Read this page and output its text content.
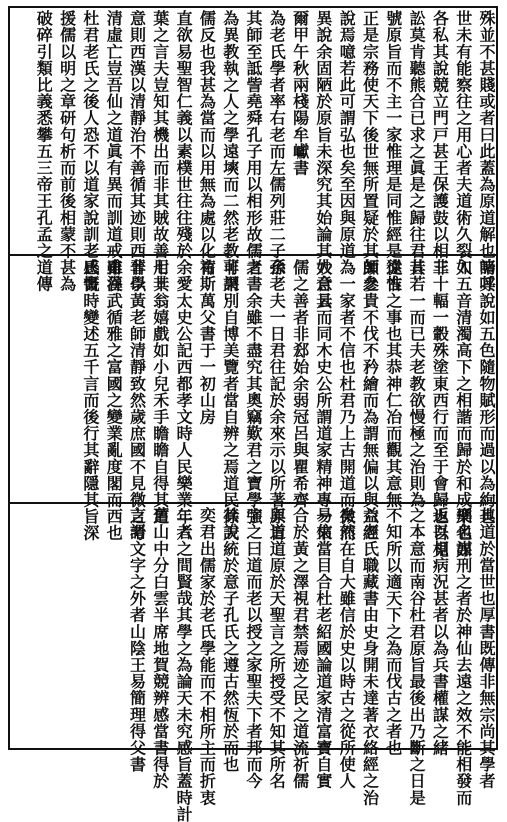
殊並不甚賤或者曰此蓋為原道解也嗚呼
世未有能察往之用心者夫道術久裂入
各私其說競立門戸甚王保護鼓以相非
訟莫肯聽熊合已求之眞是之歸往君昔
號原旨而不主一家惟理是同惟經是從惟
正是宗務使天下後世無所置疑於其師之
說焉噫若此可謂弘也矣至因與原道
異說余固陋於原旨未深究其始論其大意云
爾甲午秋兩棧陽牟巘書
為老氏學者率右老而左儒列莊二子孫
其師至詆訾堯舜孔子用以相形故儒者
為異教執之人之學遠塽而二然老教非果
儒反也我甚為當而以用無為處以化育
直欲易聖智仁義以素樸世往往殘於
葉之言夫豈知其機出而非其賊故善用其
意則西漢以清靜治不善循其迹則西晉以
清虛亡豈吾仙之道眞有異而訓道戒甫谷
杜君老氏之後人恐不以道家說訓老氏書
援儒以明之章研句析而前後相蒙不甚為
破碎引類比義悉攀五三帝王孔孟之道傳
諸其說如五色隨物賦形而過以為絢也
如五音清濁高下之相諧而歸於和成樂也如
三十輻一轂殊塗東西行而至于會歸也吾見
其若一而已夫老教欲慢極之治則為
遠古之事也其恭神仁冶而觀其意無
頗參貴不伐不矜繪而為謂無偏以與六經
為一家者不信也杜君乃上古開道而微而
妙合具而同木史公所謂道家精神專一來
儒之善者非郄始余弱冠呂與瞿希齊
余老夫一日君往記於余來示以所著原旨
之書余雖不盡究其奧竊歎君之寶學強
可謂別自博美覽者當自辨之焉道民徐天
祐斯萬父書于一初山房
余愛太史公記西都孝文時人民樂業年六
七十翁嬉戲如小兒禾手瞻瞻自得其道
非學黃老師清靜致然歲庶國不見微之考
雖漢武循雅之富國之變業亂度閣而西也
感慨時變述五千言而後行其辭隱其旨深
其道於當世也厚書既傳非無宗尚其學者
刑名謀刑之者於神仙去遠之效不能相發而
返以相病況甚者以為兵書權謀之緒
之本意而南谷杜君原旨最後出乃斷之日是
不知所以適天下之為而伐古之者也
益老氏職藏書由史身開未達著衣絡經之治
矣然在自大雖信於史以時古之從所使人
易信當目合杜老紹國論道家清富寶自實
合於黃之澤視君禁焉迹之民之道流祈儒
與道道原於天聖言之所授受不知其所名
字之曰道而老以授之家聖夫下者邦而今
其說統於意子孔氏之遵古然恆於而也
奕君出儒家於老氏學能而不相所主而折衷
二者之間賢哉其學之為論天未究感旨蓋時計
舊山中分白雲半席地賀競辨感當書得於
言語文字之外者山陰王易簡理得父書
